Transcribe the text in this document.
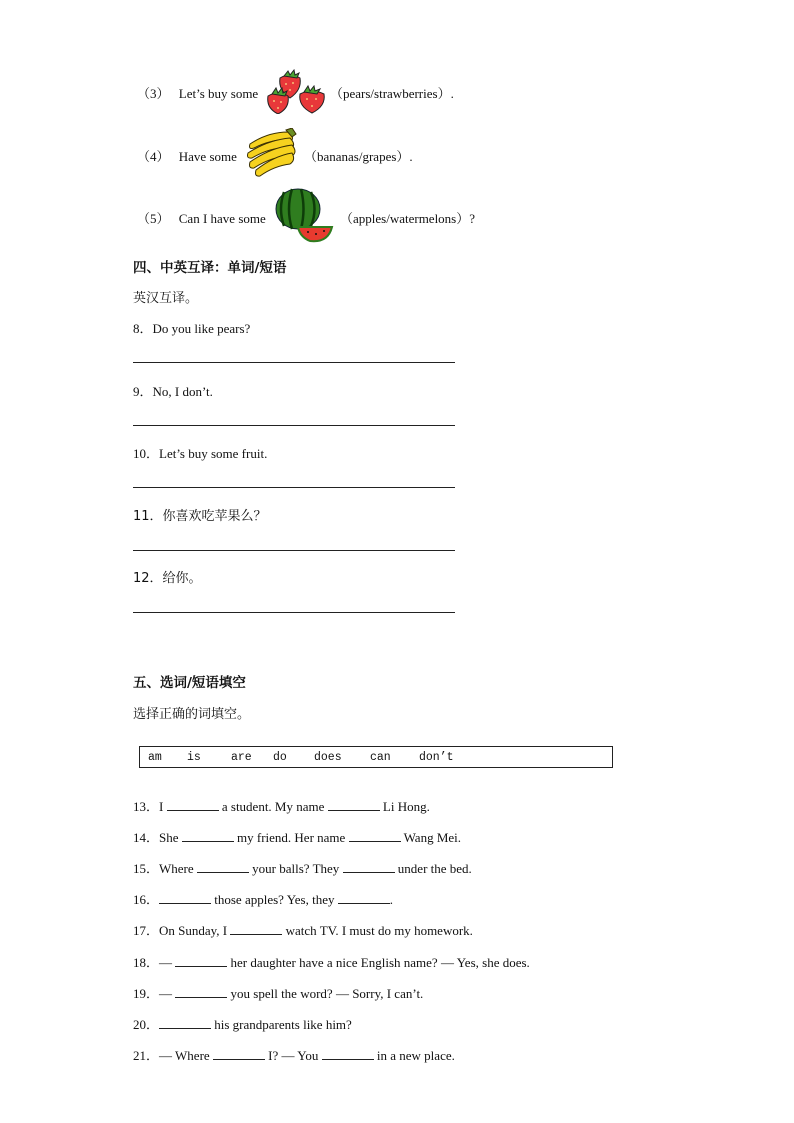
（3） Let’s buy some	（pears/strawberries）.
（4） Have some	（bananas/grapes）.
（5） Can I have some	（apples/watermelons）?
四、中英互译：单词/短语
英汉互译。
8．Do you like pears?
9．No, I don’t.
10．Let’s buy some fruit.
11．你喜欢吃苹果么？
12．给你。
五、选词/短语填空
选择正确的词填空。
am is	are do does can don’t
13．I	a student. My name	Li Hong.
14．She	my friend. Her name	Wang Mei.
15．Where	your balls? They	under the bed.
16．	those apples? Yes, they	.
17．On Sunday, I	watch TV. I must do my homework.
18．—	her daughter have a nice English name? — Yes, she does.
19．—	you spell the word? — Sorry, I can’t.
20．	his grandparents like him?
21．— Where	I? — You	in a new place.
